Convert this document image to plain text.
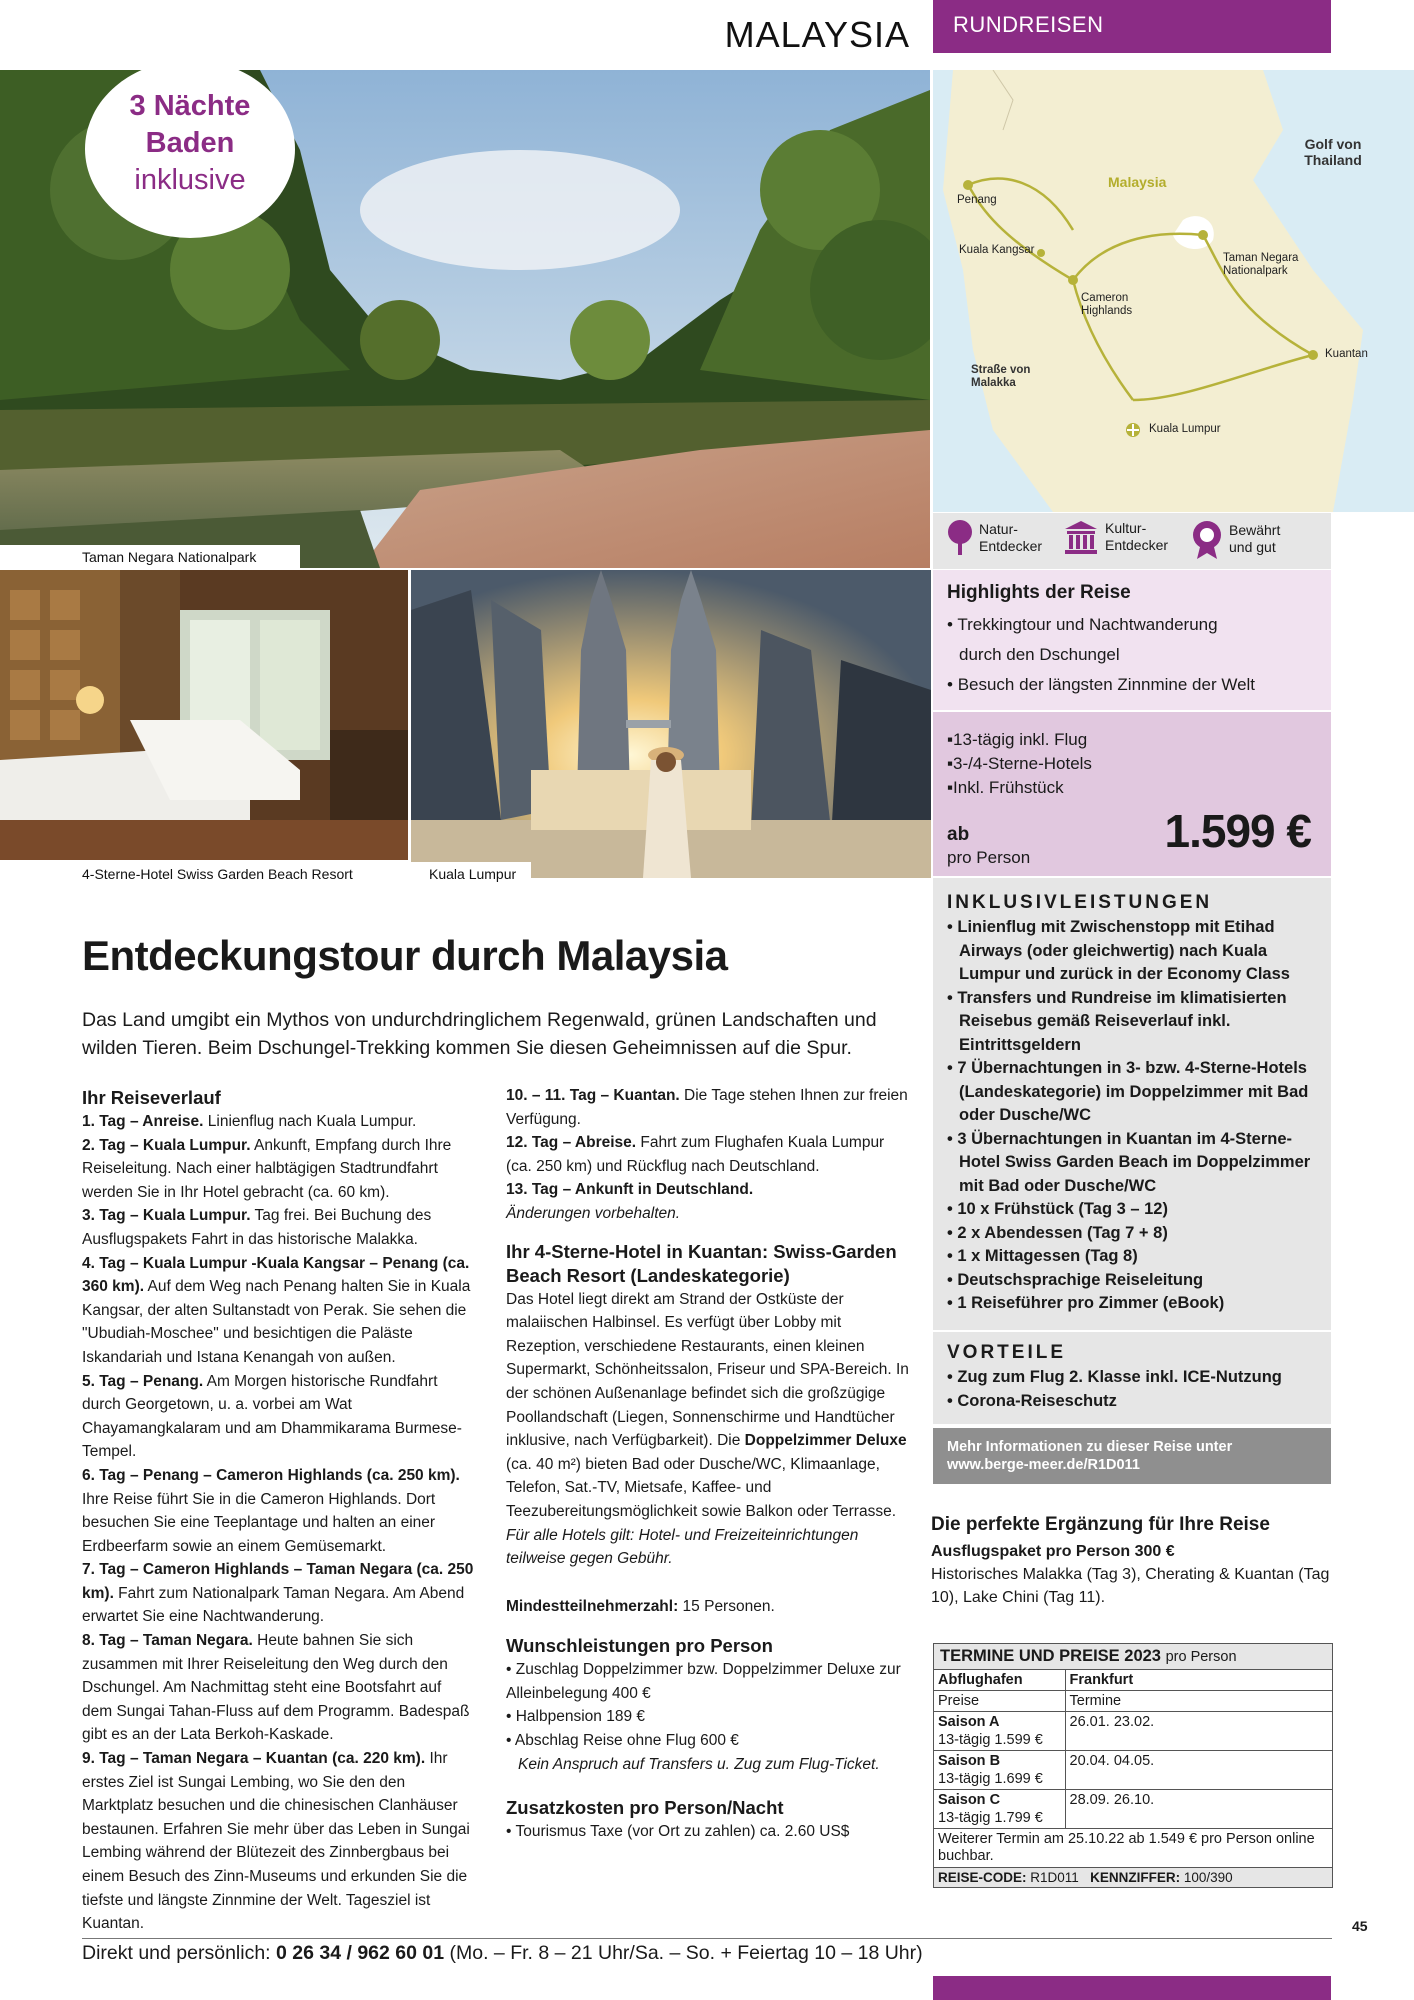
MALAYSIA	RUNDREISEN
3 Nächte
Baden
inklusive
Taman Negara Nationalpark
4-Sterne-Hotel Swiss Garden Beach Resort	Kuala Lumpur
Malaysia
Golf von Thailand
Straße von Malakka
Penang
Kuala Kangsar
Cameron Highlands
Taman Negara Nationalpark
Kuantan
Kuala Lumpur
Natur- Entdecker
Kultur- Entdecker
Bewährt und gut
Highlights der Reise
• Trekkingtour und Nachtwanderung durch den Dschungel
• Besuch der längsten Zinnmine der Welt
▪13-tägig inkl. Flug
▪3-/4-Sterne-Hotels
▪Inkl. Frühstück
ab
pro Person
1.599 €
INKLUSIVLEISTUNGEN
• Linienflug mit Zwischenstopp mit Etihad Airways (oder gleichwertig) nach Kuala Lumpur und zurück in der Economy Class
• Transfers und Rundreise im klimatisierten Reisebus gemäß Reiseverlauf inkl. Eintrittsgeldern
• 7 Übernachtungen in 3- bzw. 4-Sterne-Hotels (Landeskategorie) im Doppelzimmer mit Bad oder Dusche/WC
• 3 Übernachtungen in Kuantan im 4-Sterne-Hotel Swiss Garden Beach im Doppelzimmer mit Bad oder Dusche/WC
• 10 x Frühstück (Tag 3 – 12)
• 2 x Abendessen (Tag 7 + 8)
• 1 x Mittagessen (Tag 8)
• Deutschsprachige Reiseleitung
• 1 Reiseführer pro Zimmer (eBook)
VORTEILE
• Zug zum Flug 2. Klasse inkl. ICE-Nutzung
• Corona-Reiseschutz
Mehr Informationen zu dieser Reise unter
www.berge-meer.de/R1D011
Die perfekte Ergänzung für Ihre Reise
Ausflugspaket pro Person 300 €
Historisches Malakka (Tag 3), Cherating & Kuantan (Tag 10), Lake Chini (Tag 11).
TERMINE UND PREISE 2023 pro Person
Abflughafen	Frankfurt
Preise	Termine
Saison A
13-tägig 1.599 €	26.01. 23.02.
Saison B
13-tägig 1.699 €	20.04. 04.05.
Saison C
13-tägig 1.799 €	28.09. 26.10.
Weiterer Termin am 25.10.22 ab 1.549 € pro Person online buchbar.
REISE-CODE: R1D011 KENNZIFFER: 100/390
Entdeckungstour durch Malaysia
Das Land umgibt ein Mythos von undurchdringlichem Regenwald, grünen Landschaften und wilden Tieren. Beim Dschungel-Trekking kommen Sie diesen Geheimnissen auf die Spur.
Ihr Reiseverlauf

1. Tag – Anreise. Linienflug nach Kuala Lumpur.

2. Tag – Kuala Lumpur. Ankunft, Empfang durch Ihre Reiseleitung. Nach einer halbtägigen Stadtrundfahrt werden Sie in Ihr Hotel gebracht (ca. 60 km).

3. Tag – Kuala Lumpur. Tag frei. Bei Buchung des Ausflugspakets Fahrt in das historische Malakka.

4. Tag – Kuala Lumpur -Kuala Kangsar – Penang (ca. 360 km). Auf dem Weg nach Penang halten Sie in Kuala Kangsar, der alten Sultanstadt von Perak. Sie sehen die "Ubudiah-Moschee" und besichtigen die Paläste Iskandariah und Istana Kenangah von außen.

5. Tag – Penang. Am Morgen historische Rundfahrt durch Georgetown, u. a. vorbei am Wat Chayamangkalaram und am Dhammikarama Burmese-Tempel.

6. Tag – Penang – Cameron Highlands (ca. 250 km). Ihre Reise führt Sie in die Cameron Highlands. Dort besuchen Sie eine Teeplantage und halten an einer Erdbeerfarm sowie an einem Gemüsemarkt.

7. Tag – Cameron Highlands – Taman Negara (ca. 250 km). Fahrt zum Nationalpark Taman Negara. Am Abend erwartet Sie eine Nachtwanderung.

8. Tag – Taman Negara. Heute bahnen Sie sich zusammen mit Ihrer Reiseleitung den Weg durch den Dschungel. Am Nachmittag steht eine Bootsfahrt auf dem Sungai Tahan-Fluss auf dem Programm. Badespaß gibt es an der Lata Berkoh-Kaskade.

9. Tag – Taman Negara – Kuantan (ca. 220 km). Ihr erstes Ziel ist Sungai Lembing, wo Sie den den Marktplatz besuchen und die chinesischen Clanhäuser bestaunen. Erfahren Sie mehr über das Leben in Sungai Lembing während der Blütezeit des Zinnbergbaus bei einem Besuch des Zinn-Museums und erkunden Sie die tiefste und längste Zinnmine der Welt. Tagesziel ist Kuantan.

10. – 11. Tag – Kuantan. Die Tage stehen Ihnen zur freien Verfügung.

12. Tag – Abreise. Fahrt zum Flughafen Kuala Lumpur (ca. 250 km) und Rückflug nach Deutschland.

13. Tag – Ankunft in Deutschland.

Änderungen vorbehalten.

Ihr 4-Sterne-Hotel in Kuantan: Swiss-Garden Beach Resort (Landeskategorie)

Das Hotel liegt direkt am Strand der Ostküste der malaiischen Halbinsel. Es verfügt über Lobby mit Rezeption, verschiedene Restaurants, einen kleinen Supermarkt, Schönheitssalon, Friseur und SPA-Bereich. In der schönen Außenanlage befindet sich die großzügige Poollandschaft (Liegen, Sonnenschirme und Handtücher inklusive, nach Verfügbarkeit). Die Doppelzimmer Deluxe (ca. 40 m²) bieten Bad oder Dusche/WC, Klimaanlage, Telefon, Sat.-TV, Mietsafe, Kaffee- und Teezubereitungsmöglichkeit sowie Balkon oder Terrasse.

Für alle Hotels gilt: Hotel- und Freizeiteinrichtungen teilweise gegen Gebühr.

Mindestteilnehmerzahl: 15 Personen.

Wunschleistungen pro Person

• Zuschlag Doppelzimmer bzw. Doppelzimmer Deluxe zur Alleinbelegung 400 €

• Halbpension 189 €

• Abschlag Reise ohne Flug 600 €

Kein Anspruch auf Transfers u. Zug zum Flug-Ticket.

Zusatzkosten pro Person/Nacht

• Tourismus Taxe (vor Ort zu zahlen) ca. 2.60 US$

Direkt und persönlich: 0 26 34 / 962 60 01 (Mo. – Fr. 8 – 21 Uhr/Sa. – So. + Feiertag 10 – 18 Uhr)
45
